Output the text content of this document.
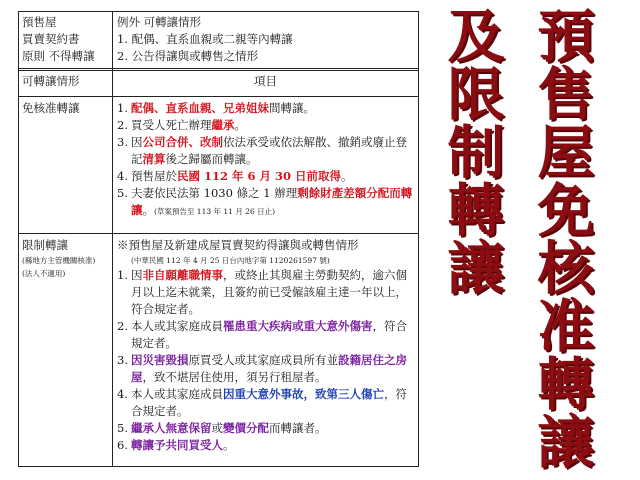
預售屋
買賣契約書
原則 不得轉讓
例外 可轉讓情形
1. 配偶、直系血親或二親等內轉讓
2. 公告得讓與或轉售之情形
可轉讓情形	項目
免核准轉讓	1. 配偶、直系血親、兄弟姐妹間轉讓。
2. 買受人死亡辦理繼承。
3. 因公司合併、改制依法承受或依法解散、撤銷或廢止登記清算後之歸屬而轉讓。
4. 預售屋於民國 112 年 6 月 30 日前取得。
5. 夫妻依民法第 1030 條之 1 辦理剩餘財產差額分配而轉讓。(草案預告至 113 年 11 月 26 日止)
限制轉讓
(縣地方主管機關核准)
(法人不適用)
※預售屋及新建成屋買賣契約得讓與或轉售情形
(中華民國 112 年 4 月 25 日台內地字第 1120261597 號)
1. 因非自願離職情事，或終止其與雇主勞動契約，逾六個月以上迄未就業，且簽約前已受僱該雇主達一年以上，符合規定者。
2. 本人或其家庭成員罹患重大疾病或重大意外傷害，符合規定者。
3. 因災害毀損原買受人或其家庭成員所有並設籍居住之房屋，致不堪居住使用，須另行租屋者。
4. 本人或其家庭成員因重大意外事故，致第三人傷亡，符合規定者。
5. 繼承人無意保留或變價分配而轉讓者。
6. 轉讓予共同買受人。
預
售
屋
免
核
准
轉
讓
及
限
制
轉
讓
